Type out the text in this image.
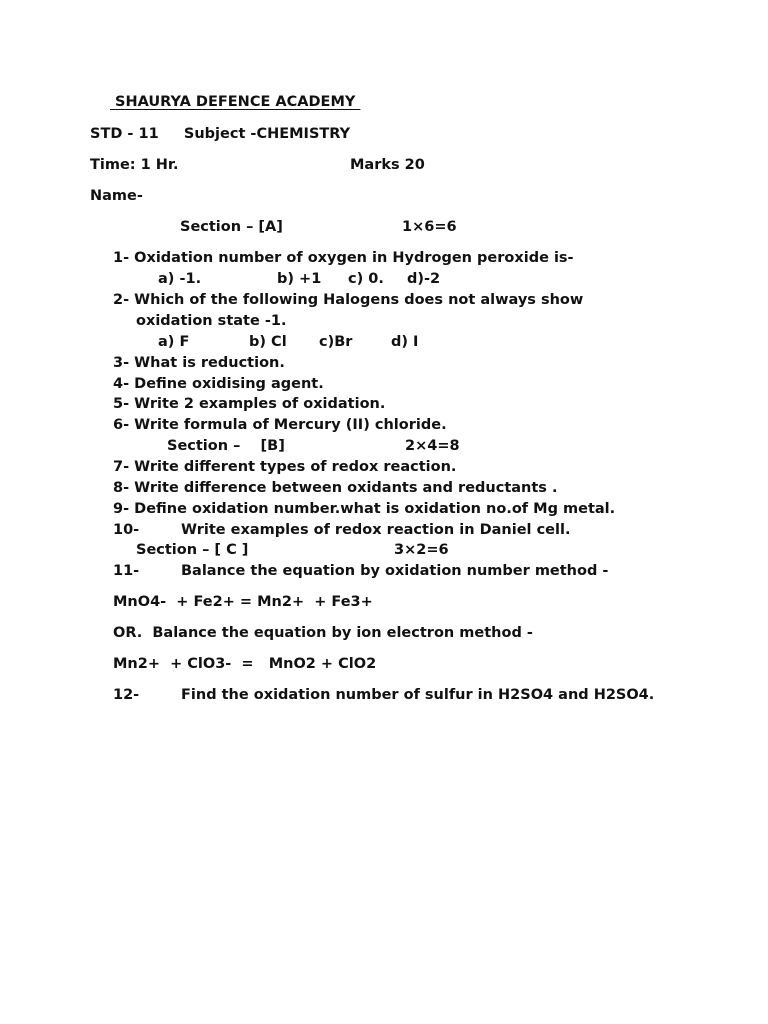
SHAURYA DEFENCE ACADEMY
STD - 11     Subject -CHEMISTRY
Time: 1 Hr.	Marks 20
Name-
Section – [A]	1×6=6
1- Oxidation number of oxygen in Hydrogen peroxide is-
a) -1.	b) +1 c) 0. d)-2
2- Which of the following Halogens does not always show
oxidation state -1.
a) F	b) Cl c)Br	d) I
3- What is reduction.
4- Define oxidising agent.
5- Write 2 examples of oxidation.
6- Write formula of Mercury (II) chloride.
Section –    [B]	2×4=8
7- Write different types of redox reaction.
8- Write difference between oxidants and reductants .
9- Define oxidation number.what is oxidation no.of Mg metal.
10-	Write examples of redox reaction in Daniel cell.
Section – [ C ]	3×2=6
11-	Balance the equation by oxidation number method -
MnO4-  + Fe2+ = Mn2+  + Fe3+
OR.  Balance the equation by ion electron method -
Mn2+  + ClO3-  =   MnO2 + ClO2
12-	Find the oxidation number of sulfur in H2SO4 and H2SO4.
